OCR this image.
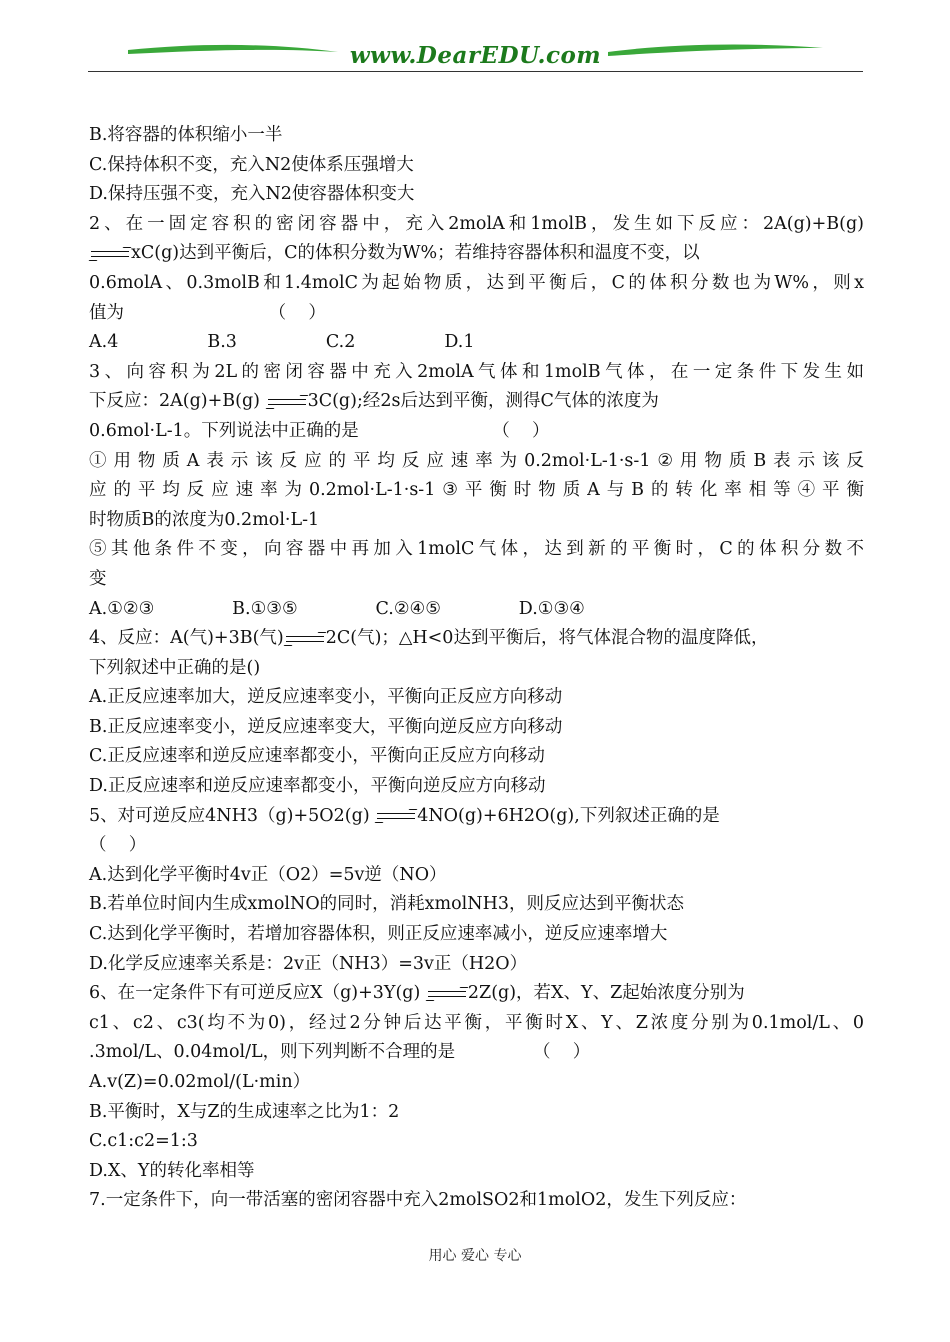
www.DearEDU.com
B.将容器的体积缩小一半
C.保持体积不变，充入N2使体系压强增大
D.保持压强不变，充入N2使容器体积变大
2、在一固定容积的密闭容器中，充入2molA和1molB，发生如下反应：2A(g)+B(g)
→ xC(g)达到平衡后，C的体积分数为W%；若维持容器体积和温度不变，以
0.6molA、0.3molB和1.4molC为起始物质，达到平衡后，C的体积分数也为W%，则x
值为                          （    ）
A.4                B.3                C.2                D.1
3、向容积为2L的密闭容器中充入2molA气体和1molB气体，在一定条件下发生如
下反应：2A(g)+B(g) → 3C(g);经2s后达到平衡，测得C气体的浓度为
0.6mol·L-1。下列说法中正确的是                        （    ）
①用物质A表示该反应的平均反应速率为0.2mol·L-1·s-1②用物质B表示该反
应的平均反应速率为0.2mol·L-1·s-1③平衡时物质A与B的转化率相等④平衡
时物质B的浓度为0.2mol·L-1
⑤其他条件不变，向容器中再加入1molC气体，达到新的平衡时，C的体积分数不
变
A.①②③              B.①③⑤              C.②④⑤              D.①③④
4、反应：A(气)+3B(气) → 2C(气)；△H<0达到平衡后，将气体混合物的温度降低，
下列叙述中正确的是()
A.正反应速率加大，逆反应速率变小，平衡向正反应方向移动
B.正反应速率变小，逆反应速率变大，平衡向逆反应方向移动
C.正反应速率和逆反应速率都变小，平衡向正反应方向移动
D.正反应速率和逆反应速率都变小，平衡向逆反应方向移动
5、对可逆反应4NH3（g)+5O2(g) → 4NO(g)+6H2O(g),下列叙述正确的是
（    ）
A.达到化学平衡时4v正（O2）=5v逆（NO）
B.若单位时间内生成xmolNO的同时，消耗xmolNH3，则反应达到平衡状态
C.达到化学平衡时，若增加容器体积，则正反应速率减小，逆反应速率增大
D.化学反应速率关系是：2v正（NH3）=3v正（H2O）
6、在一定条件下有可逆反应X（g)+3Y(g) → 2Z(g)，若X、Y、Z起始浓度分别为
c1、c2、c3(均不为0)，经过2分钟后达平衡，平衡时X、Y、Z浓度分别为0.1mol/L、0
.3mol/L、0.04mol/L，则下列判断不合理的是              （    ）
A.v(Z)=0.02mol/(L·min）
B.平衡时，X与Z的生成速率之比为1：2
C.c1:c2=1:3
D.X、Y的转化率相等
7.一定条件下，向一带活塞的密闭容器中充入2molSO2和1molO2，发生下列反应：
用心 爱心 专心
